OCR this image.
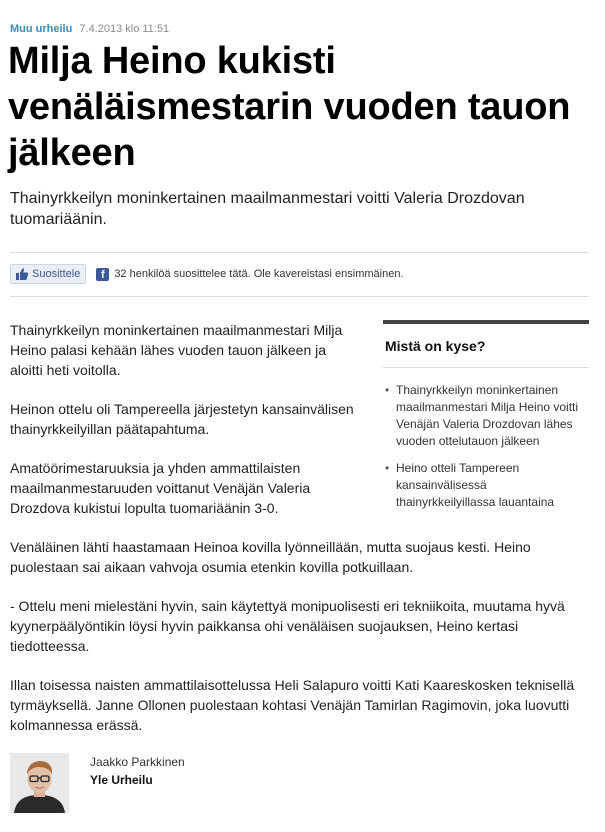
Muu urheilu 7.4.2013 klo 11:51
Milja Heino kukisti venäläismestarin vuoden tauon jälkeen

Thainyrkkeilyn moninkertainen maailmanmestari voitti Valeria Drozdovan tuomariäänin.

Suosittele	f 32 henkilöä suosittelee tätä. Ole kavereistasi ensimmäinen.

Thainyrkkeilyn moninkertainen maailmanmestari Milja Heino palasi kehään lähes vuoden tauon jälkeen ja aloitti heti voitolla.

Heinon ottelu oli Tampereella järjestetyn kansainvälisen thainyrkkeilyillan päätapahtuma.

Amatöörimestaruuksia ja yhden ammattilaisten maailmanmestaruuden voittanut Venäjän Valeria Drozdova kukistui lopulta tuomariäänin 3-0.

Venäläinen lähti haastamaan Heinoa kovilla lyönneillään, mutta suojaus kesti. Heino puolestaan sai aikaan vahvoja osumia etenkin kovilla potkuillaan.

- Ottelu meni mielestäni hyvin, sain käytettyä monipuolisesti eri tekniikoita, muutama hyvä kyynerpäälyöntikin löysi hyvin paikkansa ohi venäläisen suojauksen, Heino kertasi tiedotteessa.

Illan toisessa naisten ammattilaisottelussa Heli Salapuro voitti Kati Kaareskosken teknisellä tyrmäyksellä. Janne Ollonen puolestaan kohtasi Venäjän Tamirlan Ragimovin, joka luovutti kolmannessa erässä.

Mistä on kyse?
• Thainyrkkeilyn moninkertainen maailmanmestari Milja Heino voitti Venäjän Valeria Drozdovan lähes vuoden ottelutauon jälkeen
• Heino otteli Tampereen kansainvälisessä thainyrkkeilyillassa lauantaina
Jaakko Parkkinen
Yle Urheilu
